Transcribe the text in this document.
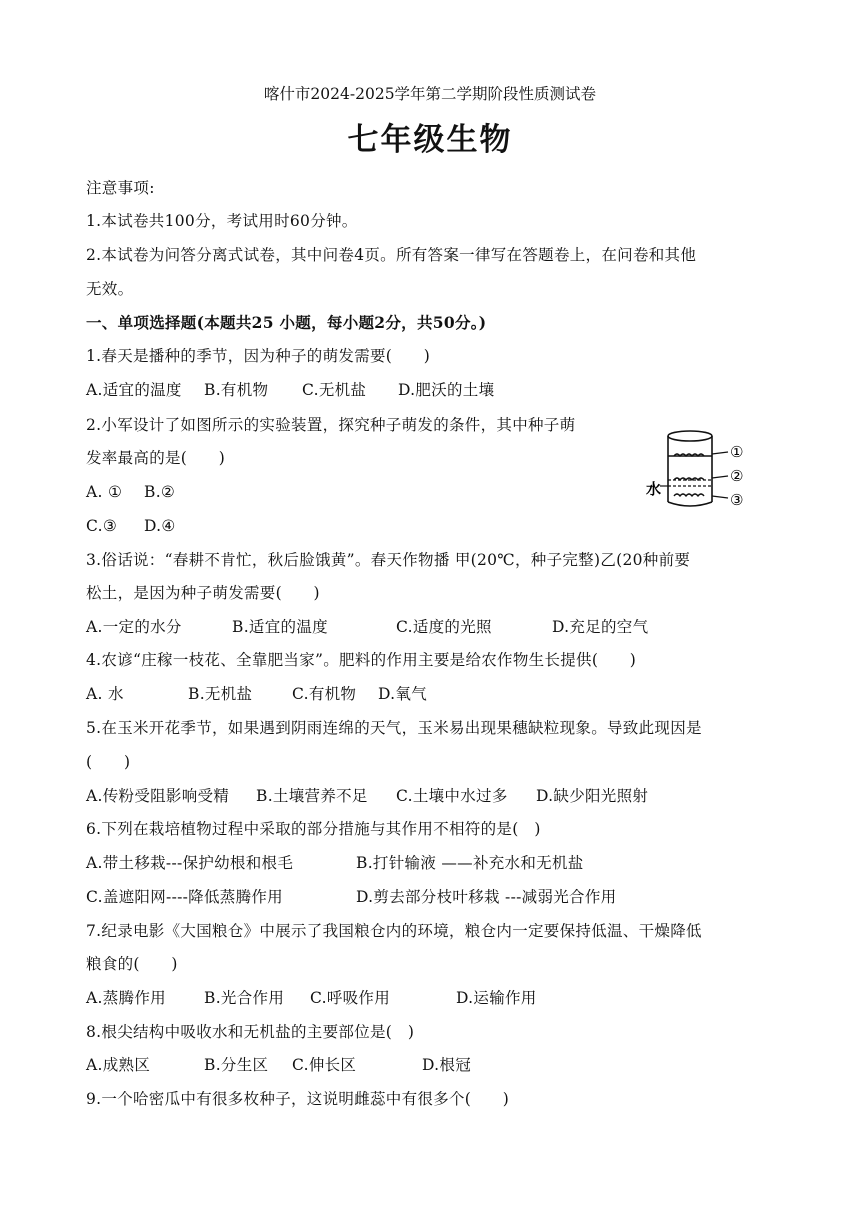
喀什市2024-2025学年第二学期阶段性质测试卷
七年级生物
注意事项:
1.本试卷共100分，考试用时60分钟。
2.本试卷为问答分离式试卷，其中问卷4页。所有答案一律写在答题卷上，在问卷和其他
无效。
一、单项选择题(本题共25 小题，每小题2分，共50分。)
1.春天是播种的季节，因为种子的萌发需要(　　)
A.适宜的温度 B.有机物 C.无机盐 D.肥沃的土壤
2.小军设计了如图所示的实验装置，探究种子萌发的条件，其中种子萌
发率最高的是(　　)
A. ① B.②
C.③ D.④
水
①
②
③
3.俗话说：“春耕不肯忙，秋后脸饿黄”。春天作物播 甲(20℃，种子完整)乙(20种前要
松土，是因为种子萌发需要(　　)
A.一定的水分	B.适宜的温度	C.适度的光照	D.充足的空气
4.农谚“庄稼一枝花、全靠肥当家”。肥料的作用主要是给农作物生长提供(　　)
A. 水	B.无机盐	C.有机物 D.氧气
5.在玉米开花季节，如果遇到阴雨连绵的天气，玉米易出现果穗缺粒现象。导致此现因是
(　　)
A.传粉受阻影响受精 B.土壤营养不足 C.土壤中水过多 D.缺少阳光照射
6.下列在栽培植物过程中采取的部分措施与其作用不相符的是(　)
A.带土移栽---保护幼根和根毛	B.打针输液 ——补充水和无机盐
C.盖遮阳网----降低蒸腾作用	D.剪去部分枝叶移栽 ---减弱光合作用
7.纪录电影《大国粮仓》中展示了我国粮仓内的环境，粮仓内一定要保持低温、干燥降低
粮食的(　　)
A.蒸腾作用 B.光合作用 C.呼吸作用	D.运输作用
8.根尖结构中吸收水和无机盐的主要部位是(　)
A.成熟区	B.分生区 C.伸长区	D.根冠
9.一个哈密瓜中有很多枚种子，这说明雌蕊中有很多个(　　)
